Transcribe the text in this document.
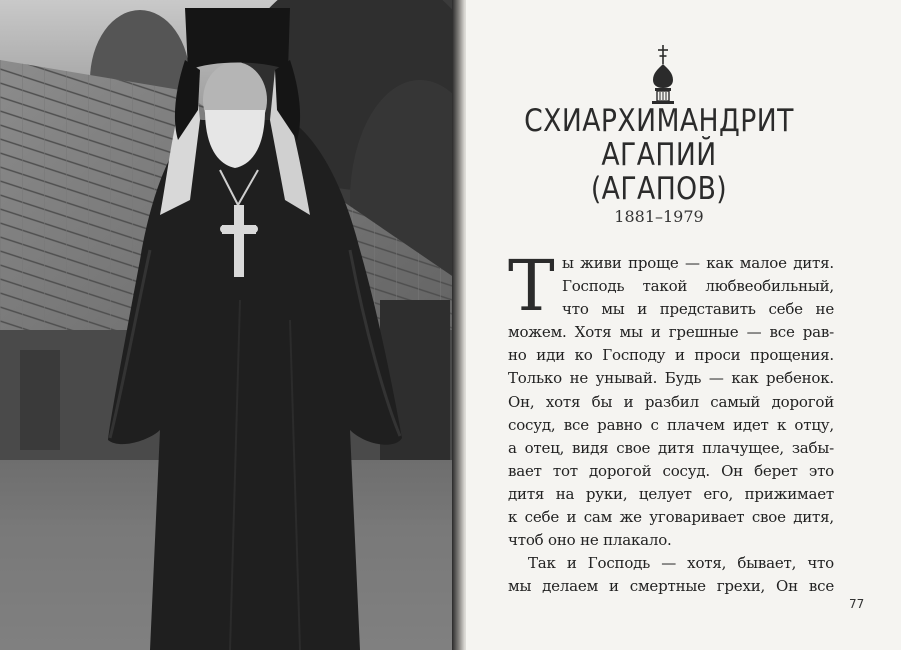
СХИАРХИМАНДРИТ
АГАПИЙ
(АГАПОВ)
1881–1979
Т ы живи проще — как малое дитя.
Господь такой любвеобильный,
что мы и представить себе не
можем. Хотя мы и грешные — все рав-
но иди ко Господу и проси прощения.
Только не унывай. Будь — как ребенок.
Он, хотя бы и разбил самый дорогой
сосуд, все равно с плачем идет к отцу,
а отец, видя свое дитя плачущее, забы-
вает тот дорогой сосуд. Он берет это
дитя на руки, целует его, прижимает
к себе и сам же уговаривает свое дитя,
чтоб оно не плакало.
Так и Господь — хотя, бывает, что
мы делаем и смертные грехи, Он все
77
